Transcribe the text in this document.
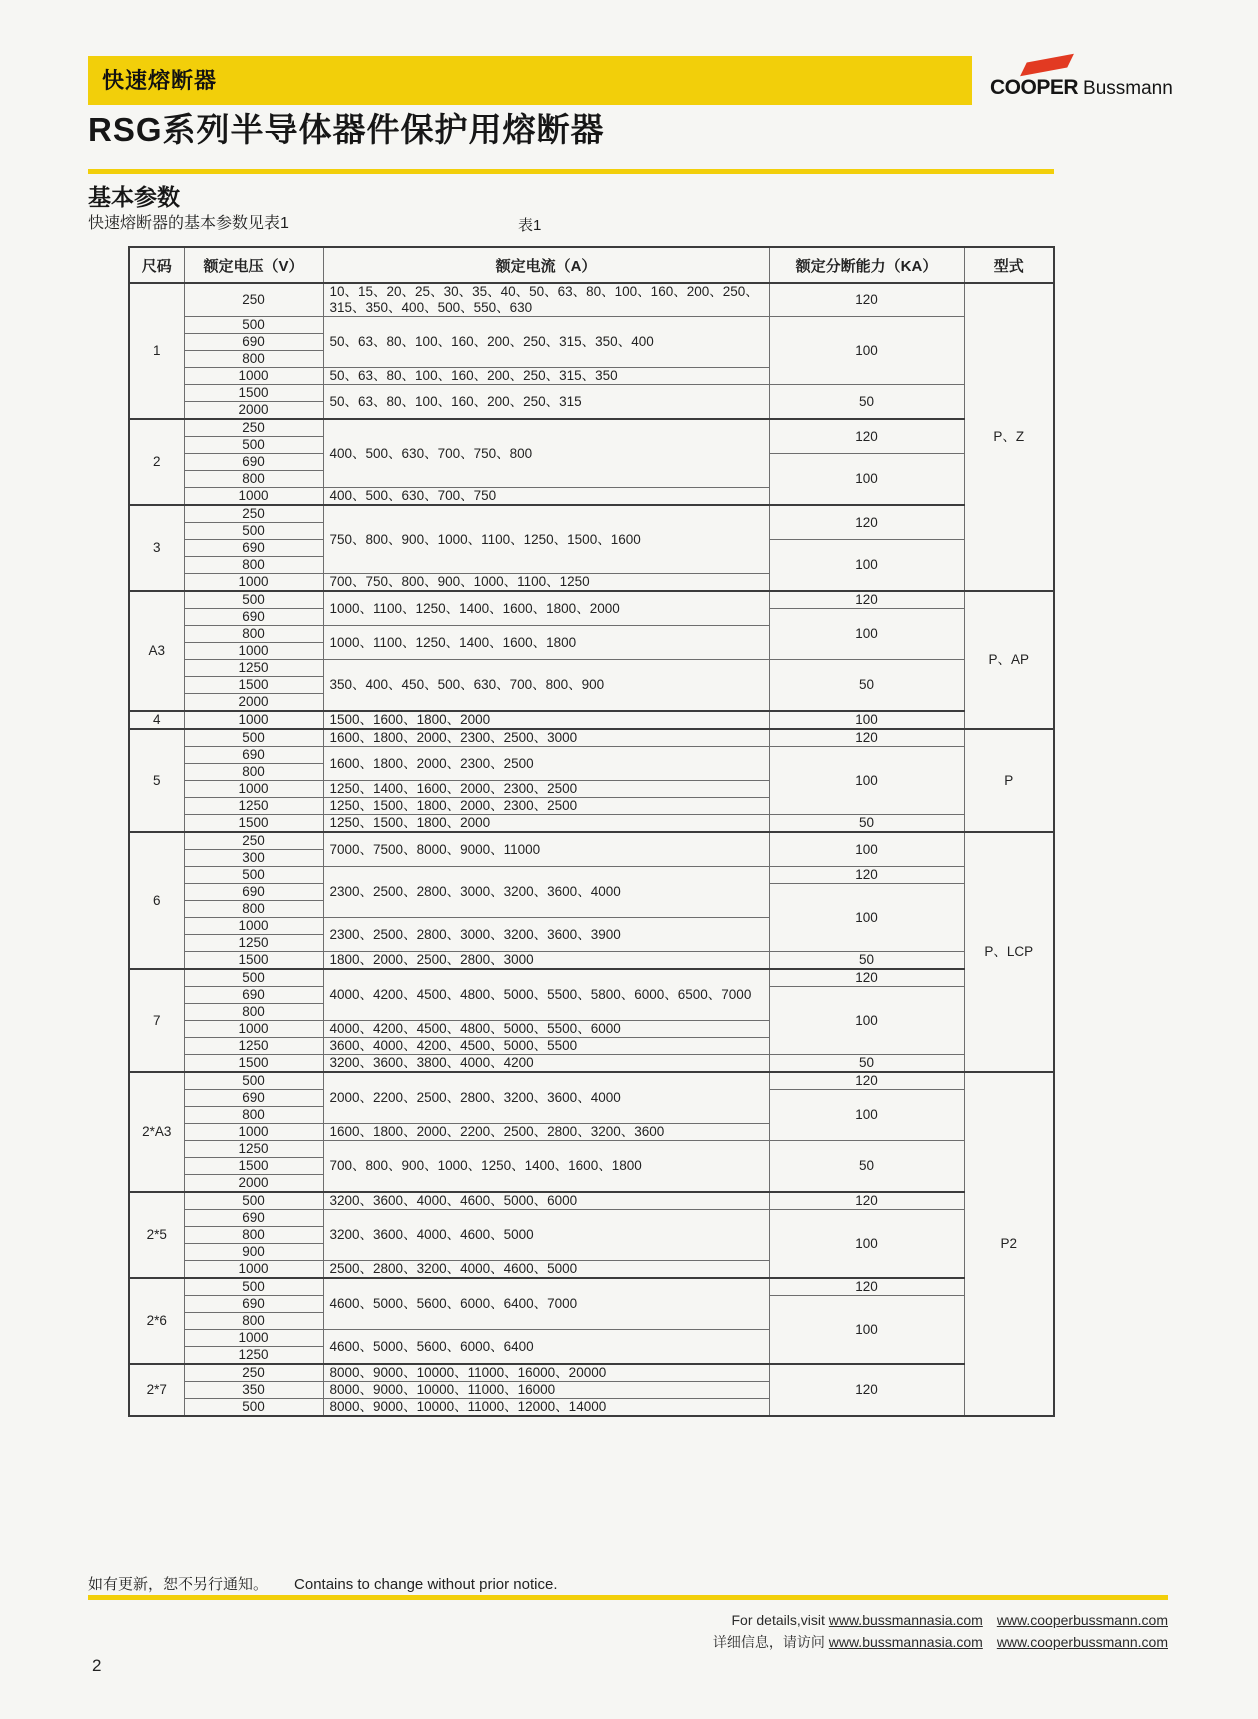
快速熔断器	COOPER Bussmann
RSG系列半导体器件保护用熔断器
基本参数
快速熔断器的基本参数见表1	表1
尺码	额定电压（V）	额定电流（A）	额定分断能力（KA）	型式
1	250	10、15、20、25、30、35、40、50、63、80、100、160、200、250、315、350、400、500、550、630	120	P、Z
	500	50、63、80、100、160、200、250、315、350、400	100	
	690			
	800			
	1000	50、63、80、100、160、200、250、315、350		
	1500	50、63、80、100、160、200、250、315	50	
	2000			
2	250	400、500、630、700、750、800	120	
	500			
	690		100	
	800			
	1000	400、500、630、700、750		
3	250	750、800、900、1000、1100、1250、1500、1600	120	
	500			
	690		100	
	800			
	1000	700、750、800、900、1000、1100、1250		
A3	500	1000、1100、1250、1400、1600、1800、2000	120	P、AP
	690		100	
	800	1000、1100、1250、1400、1600、1800		
	1000			
	1250	350、400、450、500、630、700、800、900	50	
	1500			
	2000			
4	1000	1500、1600、1800、2000	100	
5	500	1600、1800、2000、2300、2500、3000	120	P
	690	1600、1800、2000、2300、2500	100	
	800			
	1000	1250、1400、1600、2000、2300、2500		
	1250	1250、1500、1800、2000、2300、2500		
	1500	1250、1500、1800、2000	50	
6	250	7000、7500、8000、9000、11000	100	P、LCP
	300			
	500	2300、2500、2800、3000、3200、3600、4000	120	
	690		100	
	800			
	1000	2300、2500、2800、3000、3200、3600、3900		
	1250			
	1500	1800、2000、2500、2800、3000	50	
7	500	4000、4200、4500、4800、5000、5500、5800、6000、6500、7000	120	
	690		100	
	800			
	1000	4000、4200、4500、4800、5000、5500、6000		
	1250	3600、4000、4200、4500、5000、5500		
	1500	3200、3600、3800、4000、4200	50	
2*A3	500	2000、2200、2500、2800、3200、3600、4000	120	P2
	690		100	
	800			
	1000	1600、1800、2000、2200、2500、2800、3200、3600		
	1250	700、800、900、1000、1250、1400、1600、1800	50	
	1500			
	2000			
2*5	500	3200、3600、4000、4600、5000、6000	120	
	690	3200、3600、4000、4600、5000	100	
	800			
	900			
	1000	2500、2800、3200、4000、4600、5000		
2*6	500	4600、5000、5600、6000、6400、7000	120	
	690		100	
	800			
	1000	4600、5000、5600、6000、6400		
	1250			
2*7	250	8000、9000、10000、11000、16000、20000	120	
	350	8000、9000、10000、11000、16000		
	500	8000、9000、10000、11000、12000、14000		
如有更新，恕不另行通知。 Contains to change without prior notice.
For details,visit www.bussmannasia.com www.cooperbussmann.com
详细信息，请访问 www.bussmannasia.com www.cooperbussmann.com
2
